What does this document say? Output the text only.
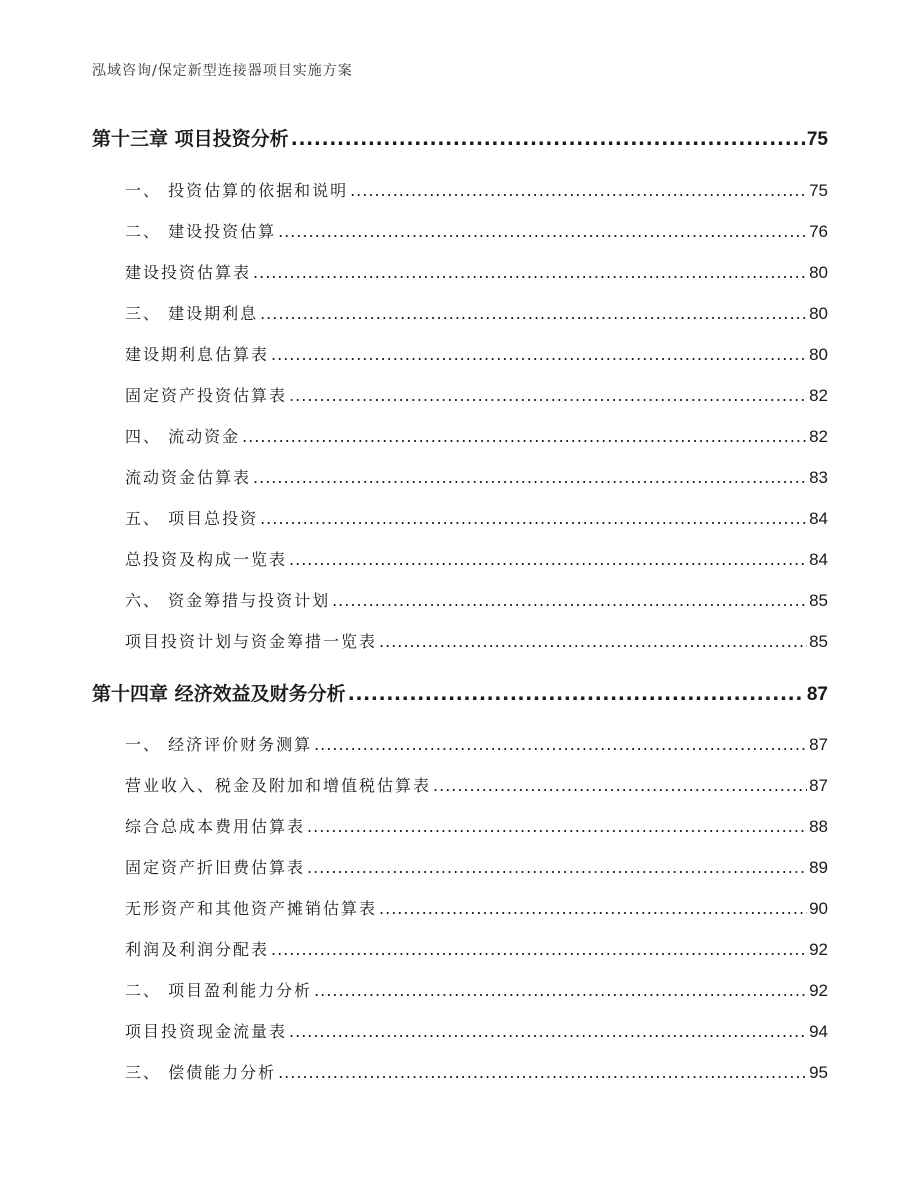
泓域咨询/保定新型连接器项目实施方案
第十三章 项目投资分析 .....	75
一、 投资估算的依据和说明 .....	75
二、 建设投资估算 .....	76
建设投资估算表 .....	80
三、 建设期利息 .....	80
建设期利息估算表 .....	80
固定资产投资估算表 .....	82
四、 流动资金 .....	82
流动资金估算表 .....	83
五、 项目总投资 .....	84
总投资及构成一览表 .....	84
六、 资金筹措与投资计划 .....	85
项目投资计划与资金筹措一览表 .....	85
第十四章 经济效益及财务分析 .....	87
一、 经济评价财务测算 .....	87
营业收入、税金及附加和增值税估算表 .....	87
综合总成本费用估算表 .....	88
固定资产折旧费估算表 .....	89
无形资产和其他资产摊销估算表 .....	90
利润及利润分配表 .....	92
二、 项目盈利能力分析 .....	92
项目投资现金流量表 .....	94
三、 偿债能力分析 .....	95
